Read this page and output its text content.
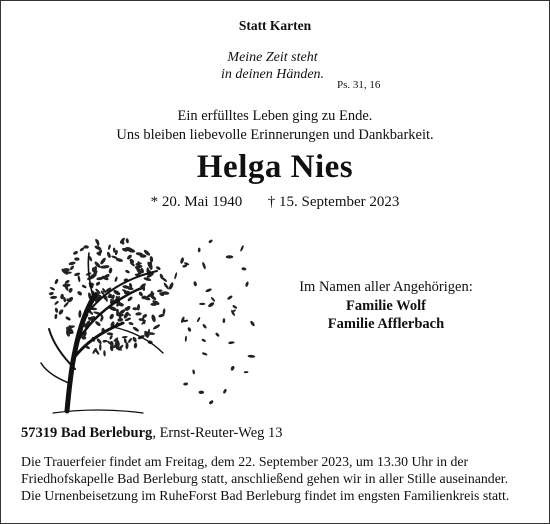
Statt Karten
Meine Zeit steht
in deinen Händen.
Ps. 31, 16
Ein erfülltes Leben ging zu Ende.
Uns bleiben liebevolle Erinnerungen und Dankbarkeit.
Helga Nies
* 20. Mai 1940 † 15. September 2023
Im Namen aller Angehörigen:
Familie Wolf
Familie Afflerbach
57319 Bad Berleburg, Ernst-Reuter-Weg 13
Die Trauerfeier findet am Freitag, dem 22. September 2023, um 13.30 Uhr in der
Friedhofskapelle Bad Berleburg statt, anschließend gehen wir in aller Stille auseinander.
Die Urnenbeisetzung im RuheForst Bad Berleburg findet im engsten Familienkreis statt.
